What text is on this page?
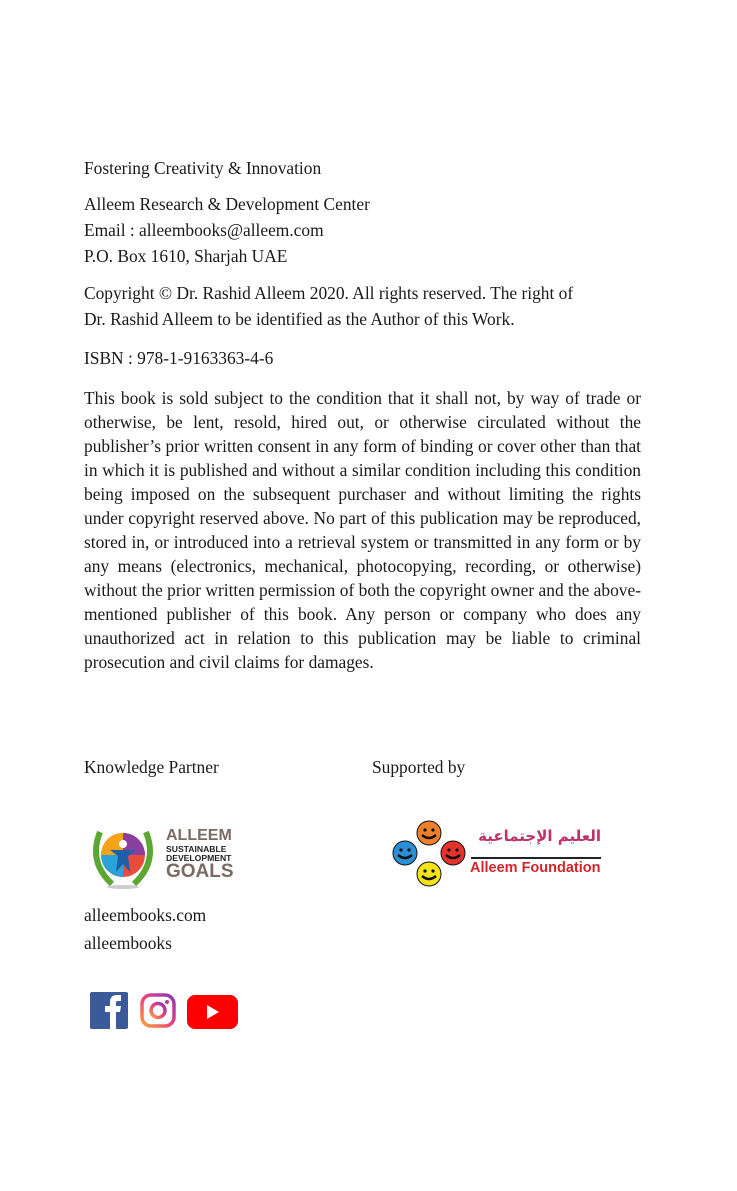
Fostering Creativity & Innovation
Alleem Research & Development Center
Email : alleembooks@alleem.com
P.O. Box 1610, Sharjah UAE
Copyright © Dr. Rashid Alleem 2020. All rights reserved. The right of
Dr. Rashid Alleem to be identified as the Author of this Work.
ISBN : 978-1-9163363-4-6
This book is sold subject to the condition that it shall not, by way of trade or otherwise, be lent, resold, hired out, or otherwise circulated without the publisher’s prior written consent in any form of binding or cover other than that in which it is published and without a similar condition including this condition being imposed on the subsequent purchaser and without limiting the rights under copyright reserved above. No part of this publication may be reproduced, stored in, or introduced into a retrieval system or transmitted in any form or by any means (electronics, mechanical, photocopying, recording, or otherwise) without the prior written permission of both the copyright owner and the above-mentioned publisher of this book. Any person or company who does any unauthorized act in relation to this publication may be liable to criminal prosecution and civil claims for damages.
Knowledge Partner	Supported by
ALLEEM
SUSTAINABLE
DEVELOPMENT
GOALS
العليم الإجتماعية
Alleem Foundation
alleembooks.com
alleembooks
